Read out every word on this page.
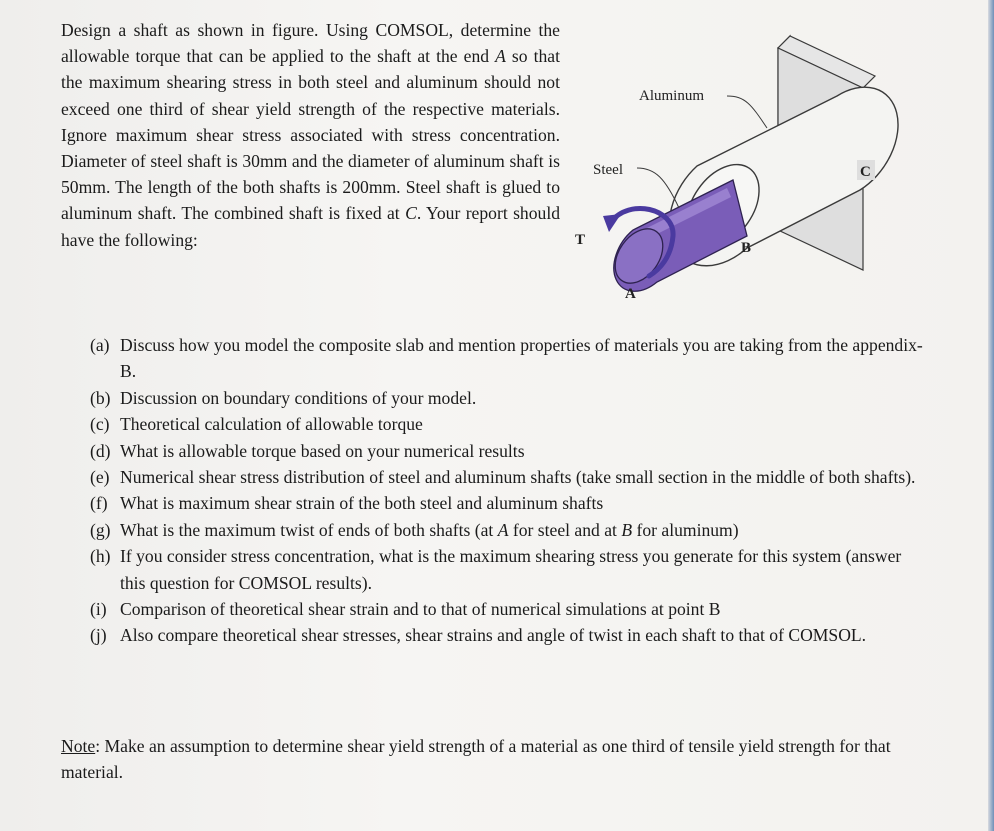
Design a shaft as shown in figure. Using COMSOL, determine the allowable torque that can be applied to the shaft at the end A so that the maximum shearing stress in both steel and aluminum should not exceed one third of shear yield strength of the respective materials. Ignore maximum shear stress associated with stress concentration. Diameter of steel shaft is 30mm and the diameter of aluminum shaft is 50mm. The length of the both shafts is 200mm. Steel shaft is glued to aluminum shaft. The combined shaft is fixed at C. Your report should have the following:

Aluminum
Steel
T
A
B
C
(a) Discuss how you model the composite slab and mention properties of materials you are taking from the appendix-B.
(b) Discussion on boundary conditions of your model.
(c) Theoretical calculation of allowable torque
(d) What is allowable torque based on your numerical results
(e) Numerical shear stress distribution of steel and aluminum shafts (take small section in the middle of both shafts).
(f) What is maximum shear strain of the both steel and aluminum shafts
(g) What is the maximum twist of ends of both shafts (at A for steel and at B for aluminum)
(h) If you consider stress concentration, what is the maximum shearing stress you generate for this system (answer this question for COMSOL results).
(i) Comparison of theoretical shear strain and to that of numerical simulations at point B
(j) Also compare theoretical shear stresses, shear strains and angle of twist in each shaft to that of COMSOL.

Note: Make an assumption to determine shear yield strength of a material as one third of tensile yield strength for that material.
